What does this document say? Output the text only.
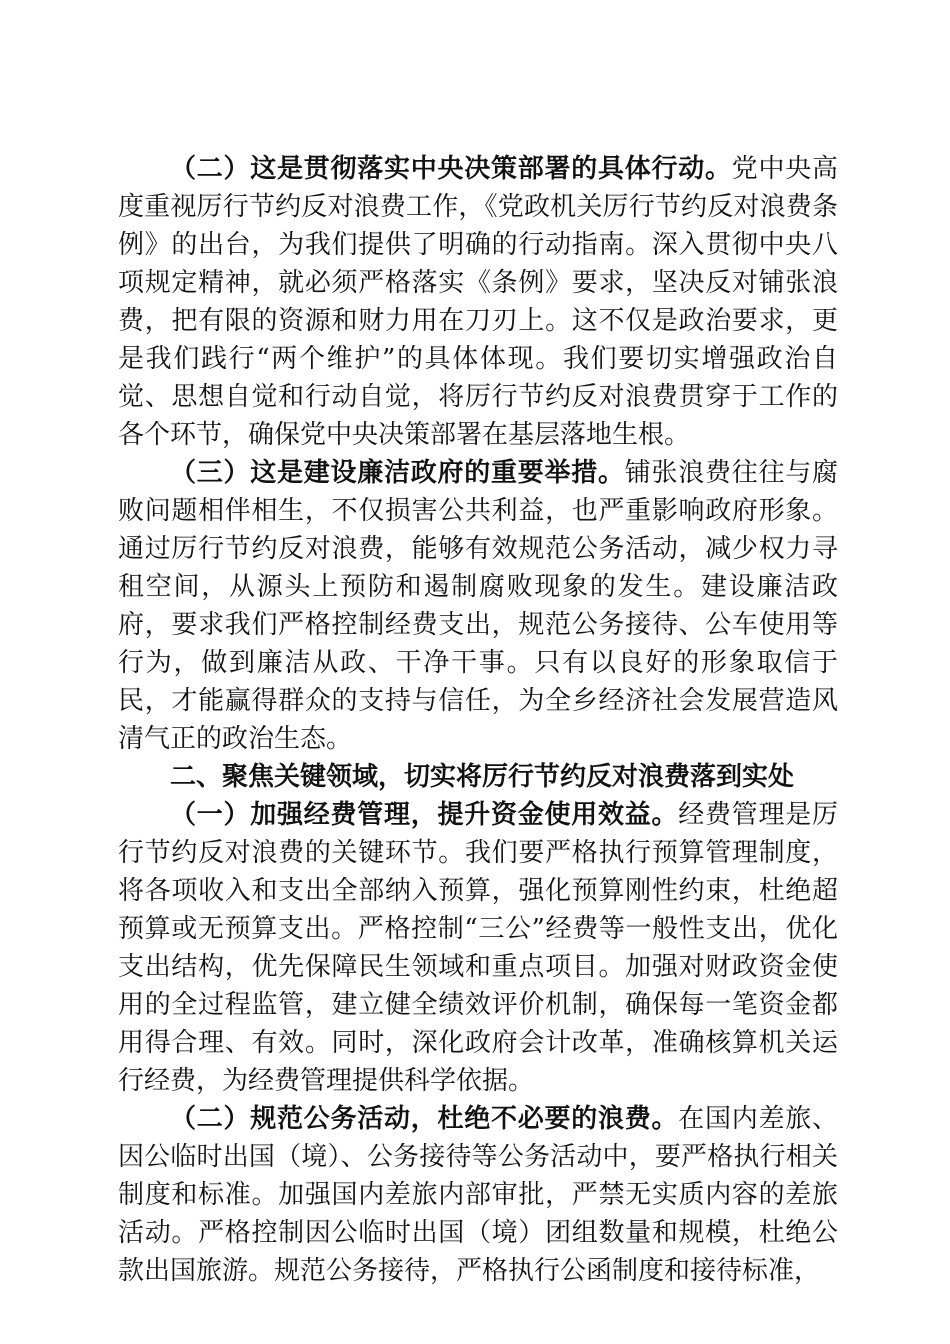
（二）这是贯彻落实中央决策部署的具体行动。党中央高度重视厉行节约反对浪费工作，《党政机关厉行节约反对浪费条例》的出台，为我们提供了明确的行动指南。深入贯彻中央八项规定精神，就必须严格落实《条例》要求，坚决反对铺张浪费，把有限的资源和财力用在刀刃上。这不仅是政治要求，更是我们践行“两个维护”的具体体现。我们要切实增强政治自觉、思想自觉和行动自觉，将厉行节约反对浪费贯穿于工作的各个环节，确保党中央决策部署在基层落地生根。

（三）这是建设廉洁政府的重要举措。铺张浪费往往与腐败问题相伴相生，不仅损害公共利益，也严重影响政府形象。通过厉行节约反对浪费，能够有效规范公务活动，减少权力寻租空间，从源头上预防和遏制腐败现象的发生。建设廉洁政府，要求我们严格控制经费支出，规范公务接待、公车使用等行为，做到廉洁从政、干净干事。只有以良好的形象取信于民，才能赢得群众的支持与信任，为全乡经济社会发展营造风清气正的政治生态。

二、聚焦关键领域，切实将厉行节约反对浪费落到实处

（一）加强经费管理，提升资金使用效益。经费管理是厉行节约反对浪费的关键环节。我们要严格执行预算管理制度，将各项收入和支出全部纳入预算，强化预算刚性约束，杜绝超预算或无预算支出。严格控制“三公”经费等一般性支出，优化支出结构，优先保障民生领域和重点项目。加强对财政资金使用的全过程监管，建立健全绩效评价机制，确保每一笔资金都用得合理、有效。同时，深化政府会计改革，准确核算机关运行经费，为经费管理提供科学依据。

（二）规范公务活动，杜绝不必要的浪费。在国内差旅、因公临时出国（境）、公务接待等公务活动中，要严格执行相关制度和标准。加强国内差旅内部审批，严禁无实质内容的差旅活动。严格控制因公临时出国（境）团组数量和规模，杜绝公款出国旅游。规范公务接待，严格执行公函制度和接待标准，
